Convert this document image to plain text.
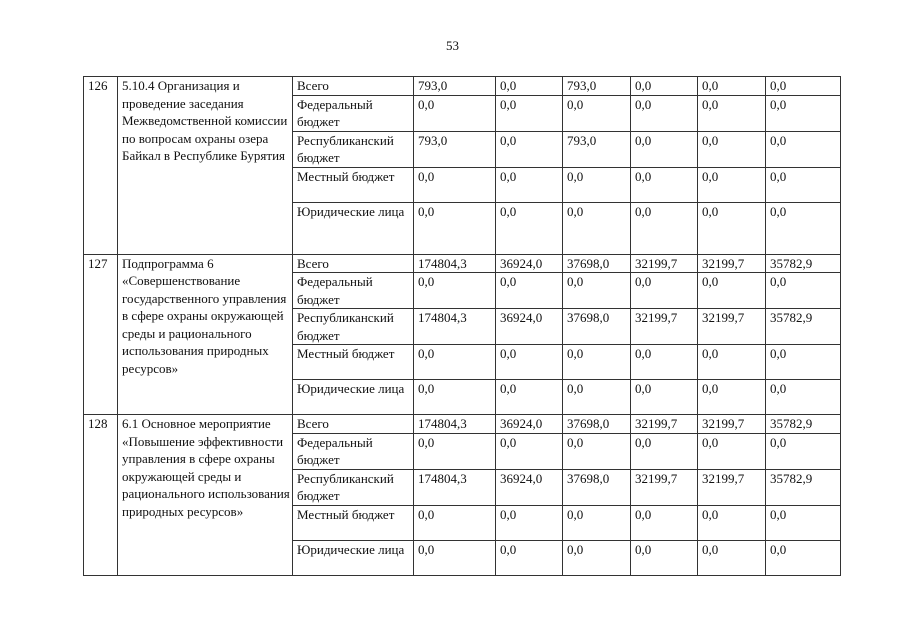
53
126	5.10.4 Организация и проведение заседания Межведомственной комиссии по вопросам охраны озера Байкал в Республике Бурятия	Всего	793,0	0,0	793,0	0,0	0,0	0,0
		Федеральный бюджет	0,0	0,0	0,0	0,0	0,0	0,0
		Республиканский бюджет	793,0	0,0	793,0	0,0	0,0	0,0
		Местный бюджет	0,0	0,0	0,0	0,0	0,0	0,0
		Юридические лица	0,0	0,0	0,0	0,0	0,0	0,0
127	Подпрограмма 6 «Совершенствование государственного управления в сфере охраны окружающей среды и рационального использования природных ресурсов»	Всего	174804,3	36924,0	37698,0	32199,7	32199,7	35782,9
		Федеральный бюджет	0,0	0,0	0,0	0,0	0,0	0,0
		Республиканский бюджет	174804,3	36924,0	37698,0	32199,7	32199,7	35782,9
		Местный бюджет	0,0	0,0	0,0	0,0	0,0	0,0
		Юридические лица	0,0	0,0	0,0	0,0	0,0	0,0
128	6.1 Основное мероприятие «Повышение эффективности управления в сфере охраны окружающей среды и рационального использования природных ресурсов»	Всего	174804,3	36924,0	37698,0	32199,7	32199,7	35782,9
		Федеральный бюджет	0,0	0,0	0,0	0,0	0,0	0,0
		Республиканский бюджет	174804,3	36924,0	37698,0	32199,7	32199,7	35782,9
		Местный бюджет	0,0	0,0	0,0	0,0	0,0	0,0
		Юридические лица	0,0	0,0	0,0	0,0	0,0	0,0
